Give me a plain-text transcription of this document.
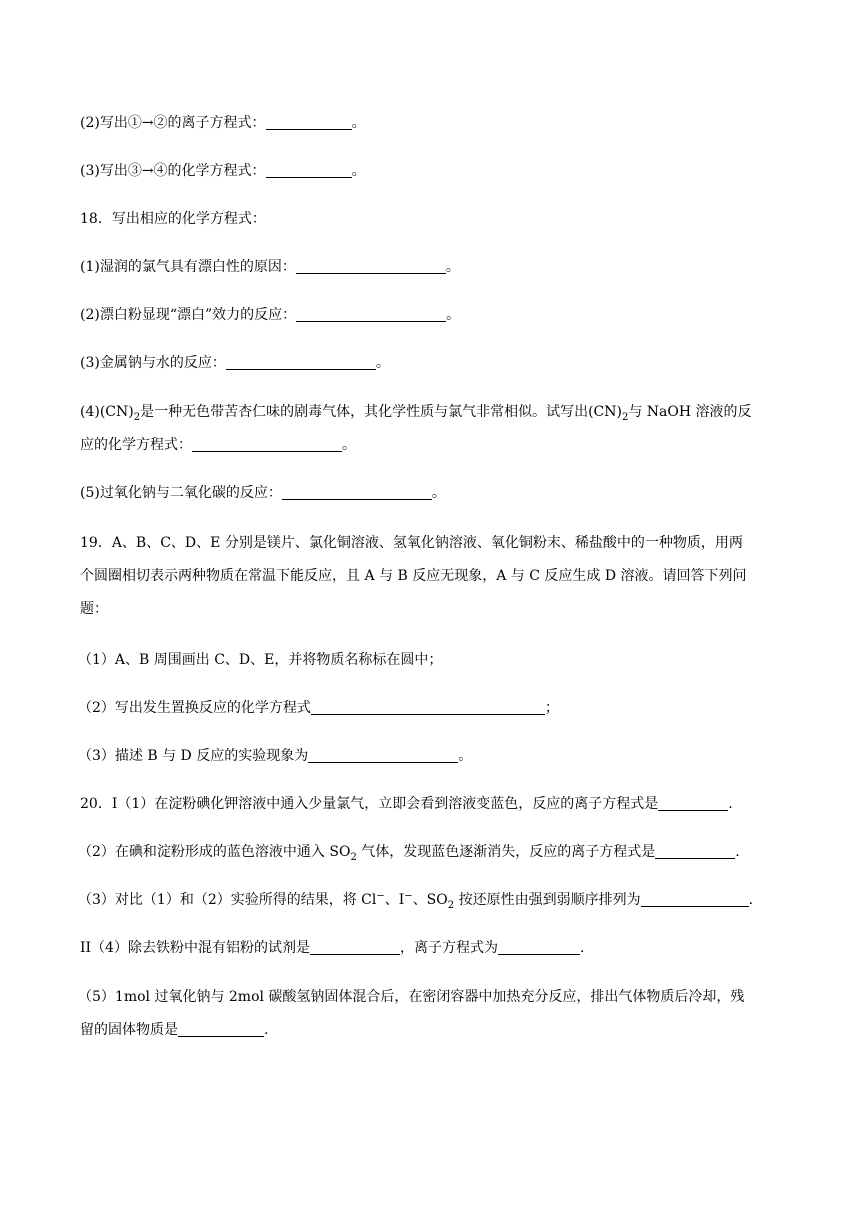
(2)写出①→②的离子方程式：	。
(3)写出③→④的化学方程式：	。
18．写出相应的化学方程式：
(1)湿润的氯气具有漂白性的原因：	。
(2)漂白粉显现“漂白”效力的反应：	。
(3)金属钠与水的反应：	。
$(4)(CN)_2$是一种无色带苦杏仁味的剧毒气体，其化学性质与氯气非常相似。试写出$(CN)_2$与 NaOH 溶液的反
应的化学方程式：	。
(5)过氧化钠与二氧化碳的反应：	。
19．A、B、C、D、E 分别是镁片、氯化铜溶液、氢氧化钠溶液、氧化铜粉末、稀盐酸中的一种物质，用两
个圆圈相切表示两种物质在常温下能反应，且 A 与 B 反应无现象，A 与 C 反应生成 D 溶液。请回答下列问
题：
（1）A、B 周围画出 C、D、E，并将物质名称标在圆中；
（2）写出发生置换反应的化学方程式	；
（3）描述 B 与 D 反应的实验现象为	。
20．I（1）在淀粉碘化钾溶液中通入少量氯气，立即会看到溶液变蓝色，反应的离子方程式是	.
（2）在碘和淀粉形成的蓝色溶液中通入 $SO_2$ 气体，发现蓝色逐渐消失，反应的离子方程式是	.
（3）对比（1）和（2）实验所得的结果，将 Cl−、I−、$SO_2$ 按还原性由强到弱顺序排列为	.
II（4）除去铁粉中混有铝粉的试剂是	，离子方程式为	.
（5）1mol 过氧化钠与 2mol 碳酸氢钠固体混合后，在密闭容器中加热充分反应，排出气体物质后冷却，残
留的固体物质是	.
